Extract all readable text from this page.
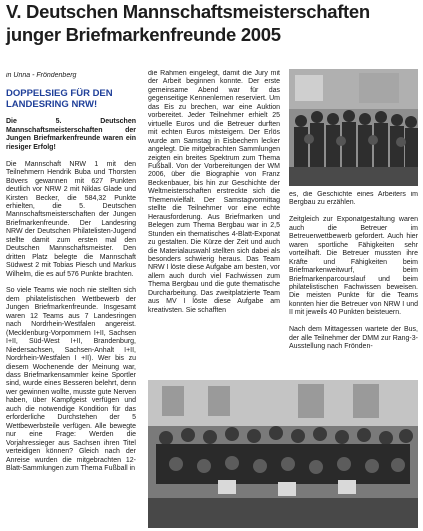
V. Deutschen Mannschaftsmeisterschaften
junger Briefmarkenfreunde 2005
in Unna - Fröndenberg
DOPPELSIEG FÜR DEN
LANDESRING NRW!

Die 5. Deutschen Mannschaftsmeisterschaften der Jungen Briefmarkenfreunde waren ein riesiger Erfolg!

Die Mannschaft NRW 1 mit den Teilnehmern Hendrik Buba und Thorsten Bövers gewannen mit 627 Punkten deutlich vor NRW 2 mit Niklas Glade und Kirsten Becker, die 584,32 Punkte erhielten, die 5. Deutschen Mannschaftsmeisterschaften der Jungen Briefmarkenfreunde. Der Landesring NRW der Deutschen Philatelisten-Jugend stellte damit zum ersten mal den Deutschen Mannschaftsmeister. Den dritten Platz belegte die Mannschaft Südwest 2 mit Tobias Piesch und Markus Wilhelm, die es auf 576 Punkte brachten.

So viele Teams wie noch nie stellten sich dem philatelistischen Wettbewerb der Jungen Briefmarkenfreunde. Insgesamt waren 12 Teams aus 7 Landesringen nach Nordrhein-Westfalen angereist. (Mecklenburg-Vorpommern I+II, Sachsen I+II, Süd-West I+II, Brandenburg, Niedersachsen, Sachsen-Anhalt I+II, Nordrhein-Westfalen I +II). Wer bis zu diesem Wochenende der Meinung war, dass Briefmarkensammler keine Sportler sind, wurde eines Besseren belehrt, denn wer gewinnen wollte, musste gute Nerven haben, über Kampfgeist verfügen und auch die notwendige Kondition für das erforderliche Durchstehen der 5 Wettbewerbsteile verfügen. Alle bewegte nur eine Frage: Werden die Vorjahressieger aus Sachsen ihren Titel verteidigen können? Gleich nach der Anreise wurden die mitgebrachten 12-Blatt-Sammlungen zum Thema Fußball in

die Rahmen eingelegt, damit die Jury mit der Arbeit beginnen konnte. Der erste gemeinsame Abend war für das gegenseitige Kennenlernen reserviert. Um das Eis zu brechen, war eine Auktion vorbereitet. Jeder Teilnehmer erhielt 25 virtuelle Euros und die Betreuer durften mit echten Euros mitsteigern. Der Erlös wurde am Samstag in Eisbechern lecker angelegt. Die mitgebrachten Sammlungen zeigten ein breites Spektrum zum Thema Fußball. Von der Vorbereitungen der WM 2006, über die Biographie von Franz Beckenbauer, bis hin zur Geschichte der Weltmeisterschaften erstreckte sich die Themenvielfalt. Der Samstagvormittag stellte die Teilnehmer vor eine echte Herausforderung. Aus Briefmarken und Belegen zum Thema Bergbau war in 2,5 Stunden ein thematisches 4-Blatt-Exponat zu gestalten. Die Kürze der Zeit und auch die Materialauswahl stellten sich dabei als besonders schwierig heraus. Das Team NRW I löste diese Aufgabe am besten, vor allem auch durch viel Fachwissen zum Thema Bergbau und die gute thematische Durcharbeitung. Das zweitplatzierte Team aus MV I löste diese Aufgabe am kreativsten. Sie schafften

es, die Geschichte eines Arbeiters im Bergbau zu erzählen.

Zeitgleich zur Exponatgestaltung waren auch die Betreuer im Betreuerwettbewerb gefordert. Auch hier waren sportliche Fähigkeiten sehr vorteilhaft. Die Betreuer mussten ihre Kräfte und Fähigkeiten beim Briefmarkenweitwurf, beim Briefmarkenparcourslauf und beim philatelistischen Fachwissen beweisen. Die meisten Punkte für die Teams konnten hier die Betreuer von NRW I und II mit jeweils 40 Punkten beisteuern.

Nach dem Mittagessen wartete der Bus, der alle Teilnehmer der DMM zur Rang-3-Ausstellung nach Frönden-
